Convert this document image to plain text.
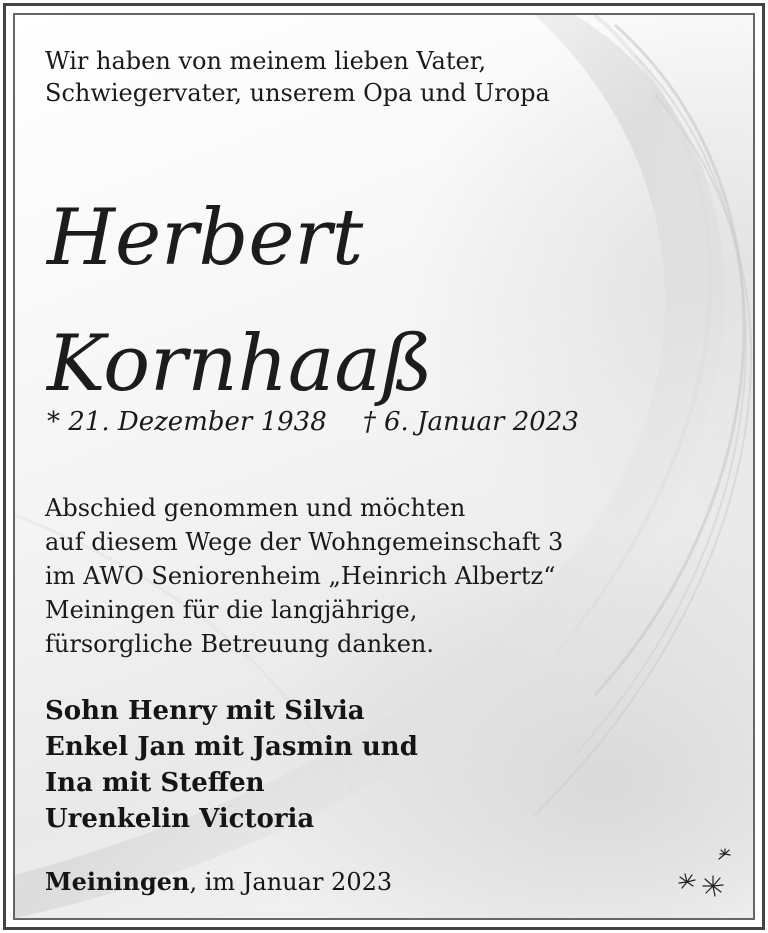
Wir haben von meinem lieben Vater,
Schwiegervater, unserem Opa und Uropa
Herbert
Kornhaaß
* 21. Dezember 1938 † 6. Januar 2023
Abschied genommen und möchten
auf diesem Wege der Wohngemeinschaft 3
im AWO Seniorenheim „Heinrich Albertz“
Meiningen für die langjährige,
fürsorgliche Betreuung danken.
Sohn Henry mit Silvia
Enkel Jan mit Jasmin und
Ina mit Steffen
Urenkelin Victoria
Meiningen, im Januar 2023
